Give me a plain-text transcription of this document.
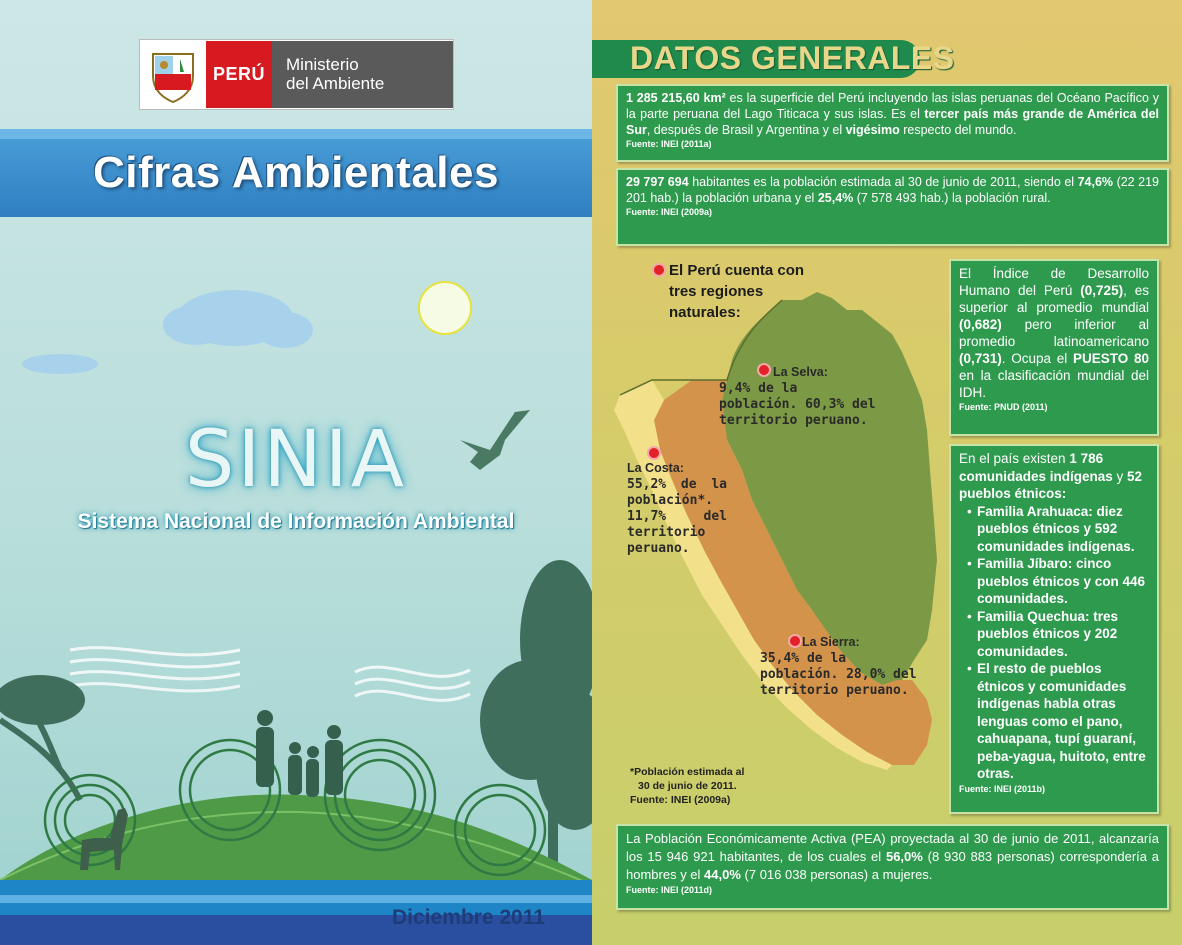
PERÚ	Ministerio
del Ambiente
Cifras Ambientales
SINIA
Sistema Nacional de Información Ambiental
Diciembre 2011
DATOS GENERALES
1 285 215,60 km² es la superficie del Perú incluyendo las islas peruanas del Océano Pacífico y la parte peruana del Lago Titicaca y sus islas. Es el tercer país más grande de América del Sur, después de Brasil y Argentina y el vigésimo respecto del mundo.
Fuente: INEI (2011a)
29 797 694 habitantes es la población estimada al 30 de junio de 2011, siendo el 74,6% (22 219 201 hab.) la población urbana y el 25,4% (7 578 493 hab.) la población rural.
Fuente: INEI (2009a)
El Perú cuenta con tres regiones naturales:
La Selva:
9,4% de la población. 60,3% del territorio peruano.
La Costa:
55,2% de la población*. 11,7% del territorio peruano.
La Sierra:
35,4% de la población. 28,0% del territorio peruano.
*Población estimada al

30 de junio de 2011.
Fuente: INEI (2009a)
El Índice de Desarrollo Humano del Perú (0,725), es superior al promedio mundial (0,682) pero inferior al promedio latinoamericano (0,731). Ocupa el PUESTO 80 en la clasificación mundial del IDH.
Fuente: PNUD (2011)
En el país existen 1 786 comunidades indígenas y 52 pueblos étnicos:
• Familia Arahuaca: diez pueblos étnicos y 592 comunidades indígenas.
• Familia Jíbaro: cinco pueblos étnicos y con 446 comunidades.
• Familia Quechua: tres pueblos étnicos y 202 comunidades.
• El resto de pueblos étnicos y comunidades indígenas habla otras lenguas como el pano, cahuapana, tupí guaraní, peba-yagua, huitoto, entre otras.
Fuente: INEI (2011b)
La Población Económicamente Activa (PEA) proyectada al 30 de junio de 2011, alcanzaría los 15 946 921 habitantes, de los cuales el 56,0% (8 930 883 personas) correspondería a hombres y el 44,0% (7 016 038 personas) a mujeres.
Fuente: INEI (2011d)
